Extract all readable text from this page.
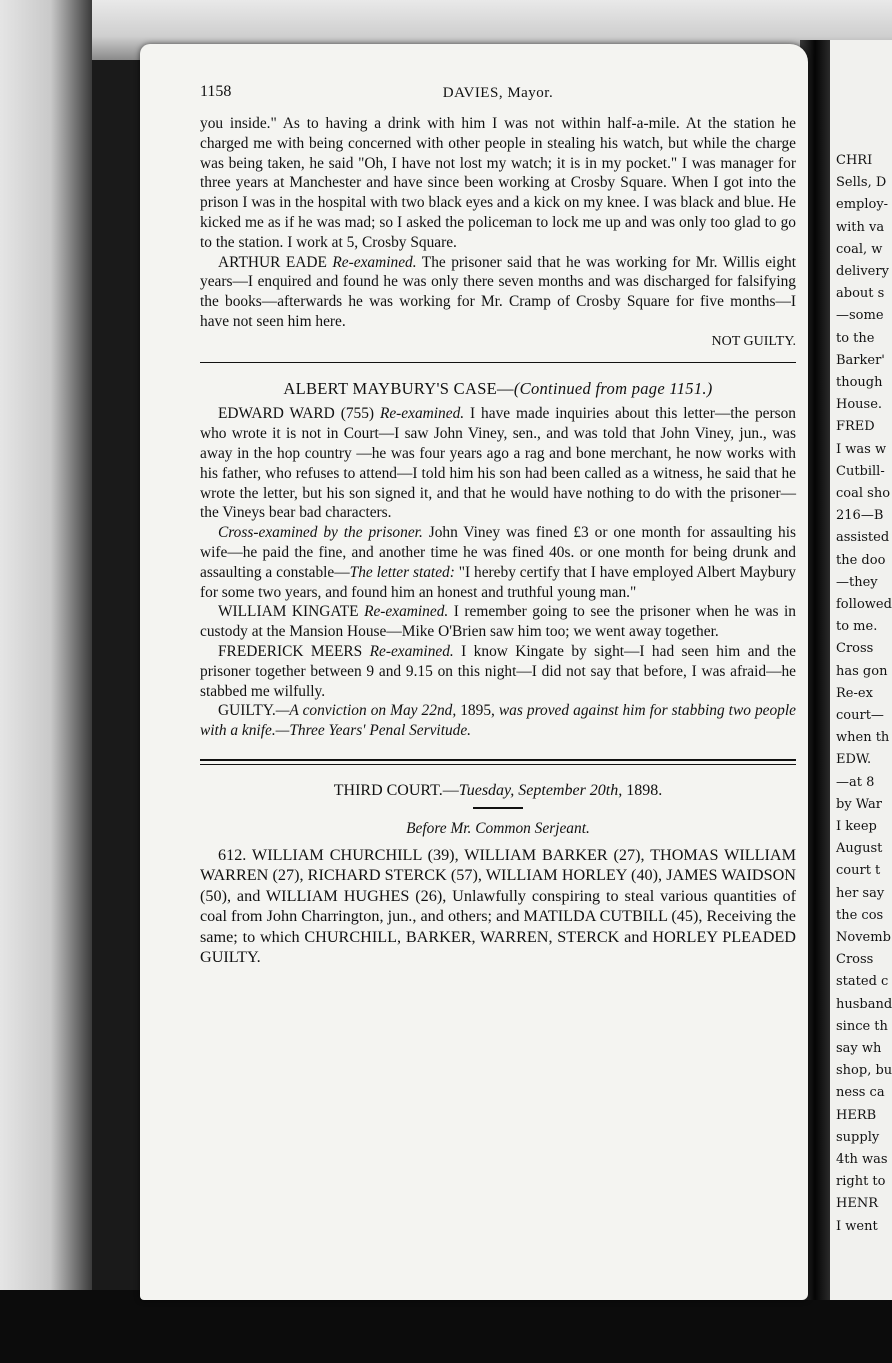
CHRI
Sells, D
employ-
with va
coal, w
delivery
about s
—some
to the
Barker'
though
House.
FRED
I was w
Cutbill-
coal sho
216—B
assisted
the doo
—they
followed
to me.
Cross
has gon
Re-ex
court—
when th
EDW.
—at 8
by War
I keep
August
court t
her say
the cos
Novemb
Cross
stated c
husband
since th
say wh
shop, bu
ness ca
HERB
supply
4th was
right to
HENR
I went
1158	DAVIES, Mayor.

you inside." As to having a drink with him I was not within half-a-mile. At the station he charged me with being concerned with other people in stealing his watch, but while the charge was being taken, he said "Oh, I have not lost my watch; it is in my pocket." I was manager for three years at Manchester and have since been working at Crosby Square. When I got into the prison I was in the hospital with two black eyes and a kick on my knee. I was black and blue. He kicked me as if he was mad; so I asked the policeman to lock me up and was only too glad to go to the station. I work at 5, Crosby Square.

ARTHUR EADE Re-examined. The prisoner said that he was working for Mr. Willis eight years—I enquired and found he was only there seven months and was discharged for falsifying the books—afterwards he was working for Mr. Cramp of Crosby Square for five months—I have not seen him here.

NOT GUILTY.

ALBERT MAYBURY'S CASE—(Continued from page 1151.)

EDWARD WARD (755) Re-examined. I have made inquiries about this letter—the person who wrote it is not in Court—I saw John Viney, sen., and was told that John Viney, jun., was away in the hop country —he was four years ago a rag and bone merchant, he now works with his father, who refuses to attend—I told him his son had been called as a witness, he said that he wrote the letter, but his son signed it, and that he would have nothing to do with the prisoner—the Vineys bear bad characters.

Cross-examined by the prisoner. John Viney was fined £3 or one month for assaulting his wife—he paid the fine, and another time he was fined 40s. or one month for being drunk and assaulting a constable—The letter stated: "I hereby certify that I have employed Albert Maybury for some two years, and found him an honest and truthful young man."

WILLIAM KINGATE Re-examined. I remember going to see the prisoner when he was in custody at the Mansion House—Mike O'Brien saw him too; we went away together.

FREDERICK MEERS Re-examined. I know Kingate by sight—I had seen him and the prisoner together between 9 and 9.15 on this night—I did not say that before, I was afraid—he stabbed me wilfully.

GUILTY.—A conviction on May 22nd, 1895, was proved against him for stabbing two people with a knife.—Three Years' Penal Servitude.

THIRD COURT.—Tuesday, September 20th, 1898.
Before Mr. Common Serjeant.

612. WILLIAM CHURCHILL (39), WILLIAM BARKER (27), THOMAS WILLIAM WARREN (27), RICHARD STERCK (57), WILLIAM HORLEY (40), JAMES WAIDSON (50), and WILLIAM HUGHES (26), Unlawfully conspiring to steal various quantities of coal from John Charrington, jun., and others; and MATILDA CUTBILL (45), Receiving the same; to which CHURCHILL, BARKER, WARREN, STERCK and HORLEY PLEADED GUILTY.
